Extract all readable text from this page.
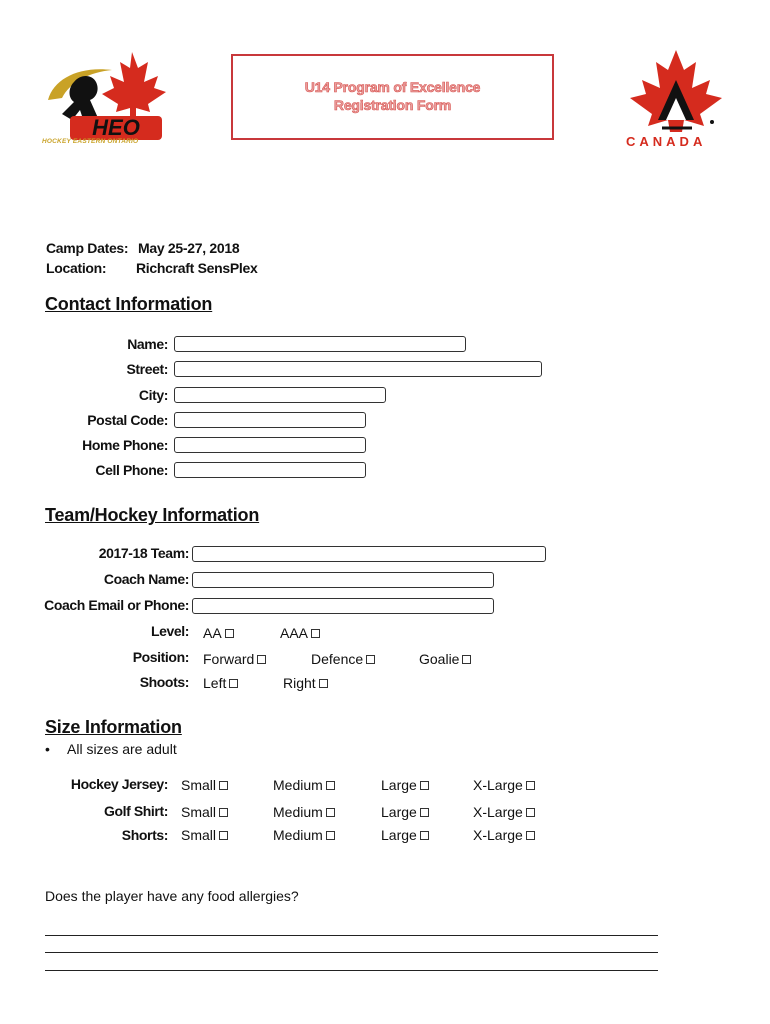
HEO
HOCKEY EASTERN ONTARIO
U14 Program of Excellence
Registration Form
CANADA
Camp Dates: May 25-27, 2018
Location: Richcraft SensPlex
Contact Information
Name:
Street:
City:
Postal Code:
Home Phone:
Cell Phone:
Team/Hockey Information
2017-18 Team:
Coach Name:
Coach Email or Phone:
Level: AA	AAA
Position: Forward	Defence	Goalie
Shoots: Left	Right
Size Information
• All sizes are adult
Hockey Jersey: Small	Medium	Large	X-Large
Golf Shirt: Small	Medium	Large	X-Large
Shorts: Small	Medium	Large	X-Large
Does the player have any food allergies?
